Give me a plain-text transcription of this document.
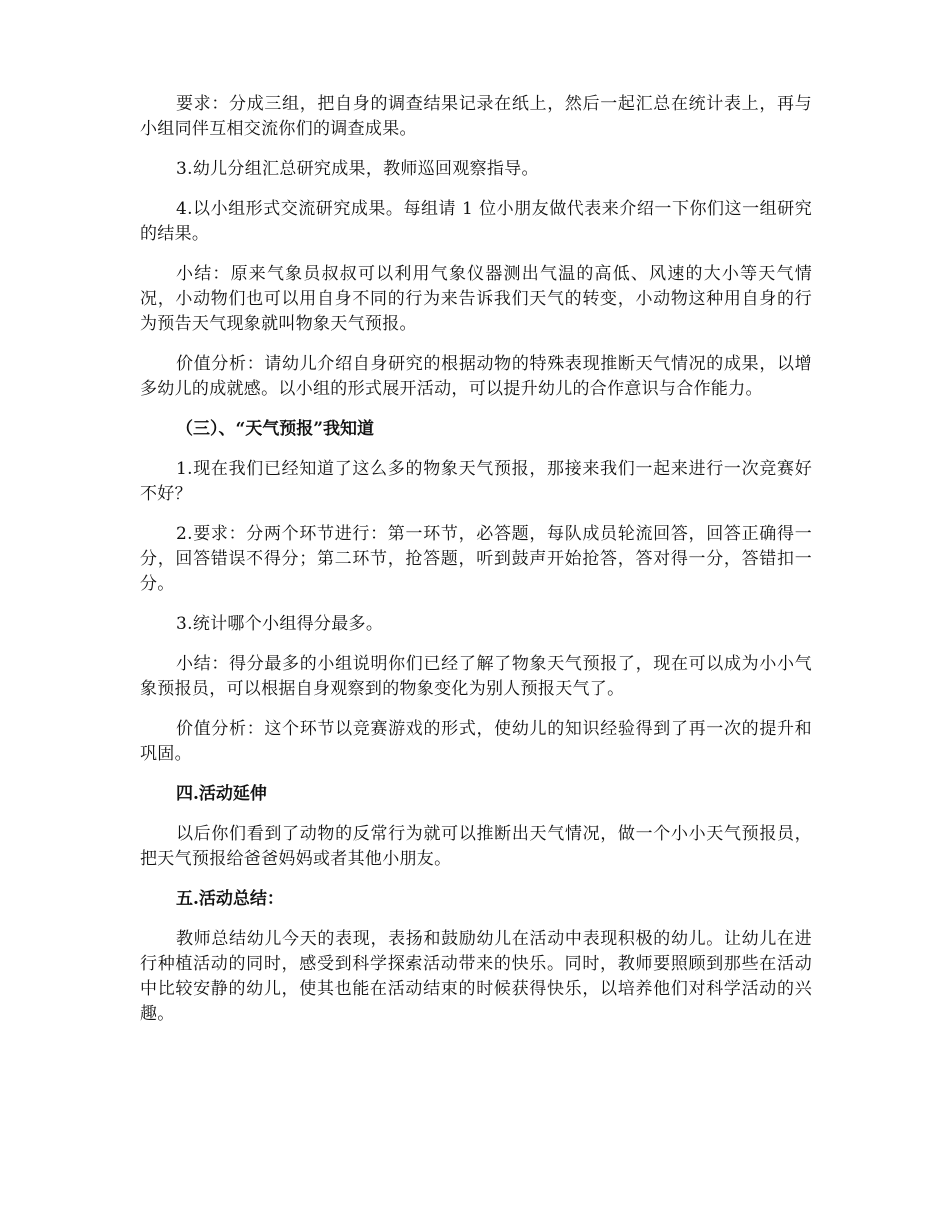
要求：分成三组，把自身的调查结果记录在纸上，然后一起汇总在统计表上，再与小组同伴互相交流你们的调查成果。

3.幼儿分组汇总研究成果，教师巡回观察指导。

4.以小组形式交流研究成果。每组请 1 位小朋友做代表来介绍一下你们这一组研究的结果。

小结：原来气象员叔叔可以利用气象仪器测出气温的高低、风速的大小等天气情况，小动物们也可以用自身不同的行为来告诉我们天气的转变，小动物这种用自身的行为预告天气现象就叫物象天气预报。

价值分析：请幼儿介绍自身研究的根据动物的特殊表现推断天气情况的成果，以增多幼儿的成就感。以小组的形式展开活动，可以提升幼儿的合作意识与合作能力。

（三）、“天气预报”我知道

1.现在我们已经知道了这么多的物象天气预报，那接来我们一起来进行一次竞赛好不好？

2.要求：分两个环节进行：第一环节，必答题，每队成员轮流回答，回答正确得一分，回答错误不得分；第二环节，抢答题，听到鼓声开始抢答，答对得一分，答错扣一分。

3.统计哪个小组得分最多。

小结：得分最多的小组说明你们已经了解了物象天气预报了，现在可以成为小小气象预报员，可以根据自身观察到的物象变化为别人预报天气了。

价值分析：这个环节以竞赛游戏的形式，使幼儿的知识经验得到了再一次的提升和巩固。

四.活动延伸

以后你们看到了动物的反常行为就可以推断出天气情况，做一个小小天气预报员，把天气预报给爸爸妈妈或者其他小朋友。

五.活动总结：

教师总结幼儿今天的表现，表扬和鼓励幼儿在活动中表现积极的幼儿。让幼儿在进行种植活动的同时，感受到科学探索活动带来的快乐。同时，教师要照顾到那些在活动中比较安静的幼儿，使其也能在活动结束的时候获得快乐，以培养他们对科学活动的兴趣。
